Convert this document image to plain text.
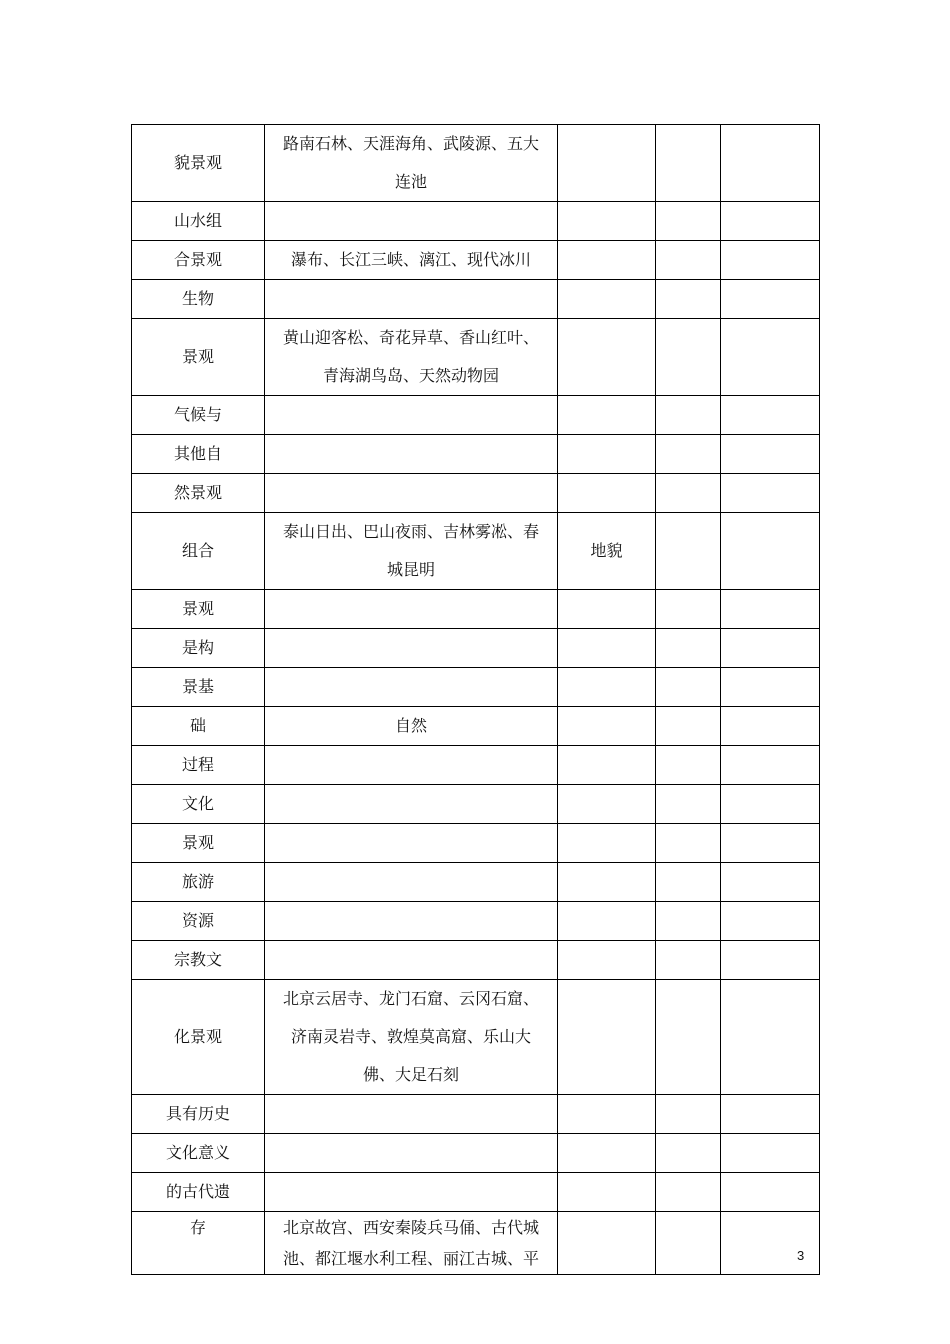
貌景观	路南石林、天涯海角、武陵源、五大连池			
山水组				
合景观	瀑布、长江三峡、漓江、现代冰川			
生物				
景观	黄山迎客松、奇花异草、香山红叶、青海湖鸟岛、天然动物园			
气候与				
其他自				
然景观				
组合	泰山日出、巴山夜雨、吉林雾凇、春城昆明	地貌		
景观				
是构				
景基				
础	自然			
过程				
文化				
景观				
旅游				
资源				
宗教文				
化景观	北京云居寺、龙门石窟、云冈石窟、济南灵岩寺、敦煌莫高窟、乐山大佛、大足石刻			
具有历史				
文化意义				
的古代遗				
存	北京故宫、西安秦陵兵马俑、古代城池、都江堰水利工程、丽江古城、平				3
